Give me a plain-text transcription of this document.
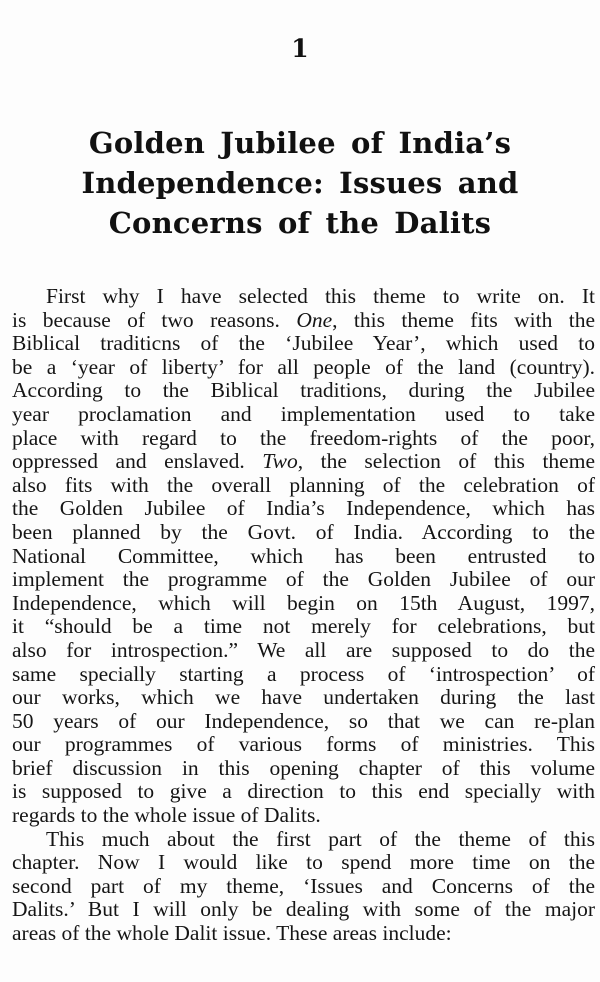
1
Golden Jubilee of India’s
Independence: Issues and
Concerns of the Dalits
First why I have selected this theme to write on. It
is because of two reasons. One, this theme fits with the
Biblical traditicns of the ‘Jubilee Year’, which used to
be a ‘year of liberty’ for all people of the land (country).
According to the Biblical traditions, during the Jubilee
year proclamation and implementation used to take
place with regard to the freedom-rights of the poor,
oppressed and enslaved. Two, the selection of this theme
also fits with the overall planning of the celebration of
the Golden Jubilee of India’s Independence, which has
been planned by the Govt. of India. According to the
National Committee, which has been entrusted to
implement the programme of the Golden Jubilee of our
Independence, which will begin on 15th August, 1997,
it “should be a time not merely for celebrations, but
also for introspection.” We all are supposed to do the
same specially starting a process of ‘introspection’ of
our works, which we have undertaken during the last
50 years of our Independence, so that we can re-plan
our programmes of various forms of ministries. This
brief discussion in this opening chapter of this volume
is supposed to give a direction to this end specially with
regards to the whole issue of Dalits.
This much about the first part of the theme of this
chapter. Now I would like to spend more time on the
second part of my theme, ‘Issues and Concerns of the
Dalits.’ But I will only be dealing with some of the major
areas of the whole Dalit issue. These areas include:
